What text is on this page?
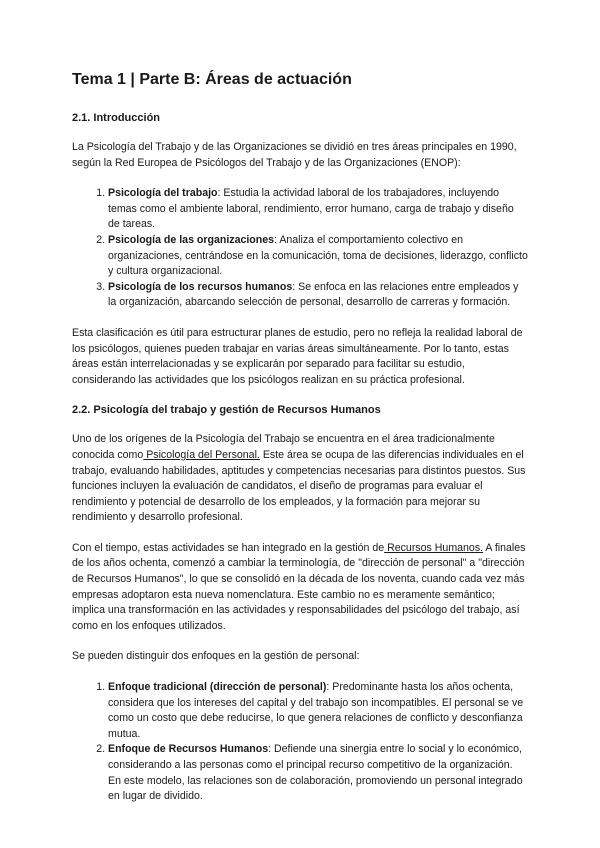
Tema 1 | Parte B: Áreas de actuación
2.1. Introducción

La Psicología del Trabajo y de las Organizaciones se dividió en tres áreas principales en 1990, según la Red Europea de Psicólogos del Trabajo y de las Organizaciones (ENOP):

1. Psicología del trabajo: Estudia la actividad laboral de los trabajadores, incluyendo temas como el ambiente laboral, rendimiento, error humano, carga de trabajo y diseño de tareas.
2. Psicología de las organizaciones: Analiza el comportamiento colectivo en organizaciones, centrándose en la comunicación, toma de decisiones, liderazgo, conflicto y cultura organizacional.
3. Psicología de los recursos humanos: Se enfoca en las relaciones entre empleados y la organización, abarcando selección de personal, desarrollo de carreras y formación.

Esta clasificación es útil para estructurar planes de estudio, pero no refleja la realidad laboral de los psicólogos, quienes pueden trabajar en varias áreas simultáneamente. Por lo tanto, estas áreas están interrelacionadas y se explicarán por separado para facilitar su estudio, considerando las actividades que los psicólogos realizan en su práctica profesional.

2.2. Psicología del trabajo y gestión de Recursos Humanos

Uno de los orígenes de la Psicología del Trabajo se encuentra en el área tradicionalmente conocida como Psicología del Personal. Este área se ocupa de las diferencias individuales en el trabajo, evaluando habilidades, aptitudes y competencias necesarias para distintos puestos. Sus funciones incluyen la evaluación de candidatos, el diseño de programas para evaluar el rendimiento y potencial de desarrollo de los empleados, y la formación para mejorar su rendimiento y desarrollo profesional.

Con el tiempo, estas actividades se han integrado en la gestión de Recursos Humanos. A finales de los años ochenta, comenzó a cambiar la terminología, de "dirección de personal" a "dirección de Recursos Humanos", lo que se consolidó en la década de los noventa, cuando cada vez más empresas adoptaron esta nueva nomenclatura. Este cambio no es meramente semántico; implica una transformación en las actividades y responsabilidades del psicólogo del trabajo, así como en los enfoques utilizados.

Se pueden distinguir dos enfoques en la gestión de personal:

1. Enfoque tradicional (dirección de personal): Predominante hasta los años ochenta, considera que los intereses del capital y del trabajo son incompatibles. El personal se ve como un costo que debe reducirse, lo que genera relaciones de conflicto y desconfianza mutua.
2. Enfoque de Recursos Humanos: Defiende una sinergia entre lo social y lo económico, considerando a las personas como el principal recurso competitivo de la organización. En este modelo, las relaciones son de colaboración, promoviendo un personal integrado en lugar de dividido.
